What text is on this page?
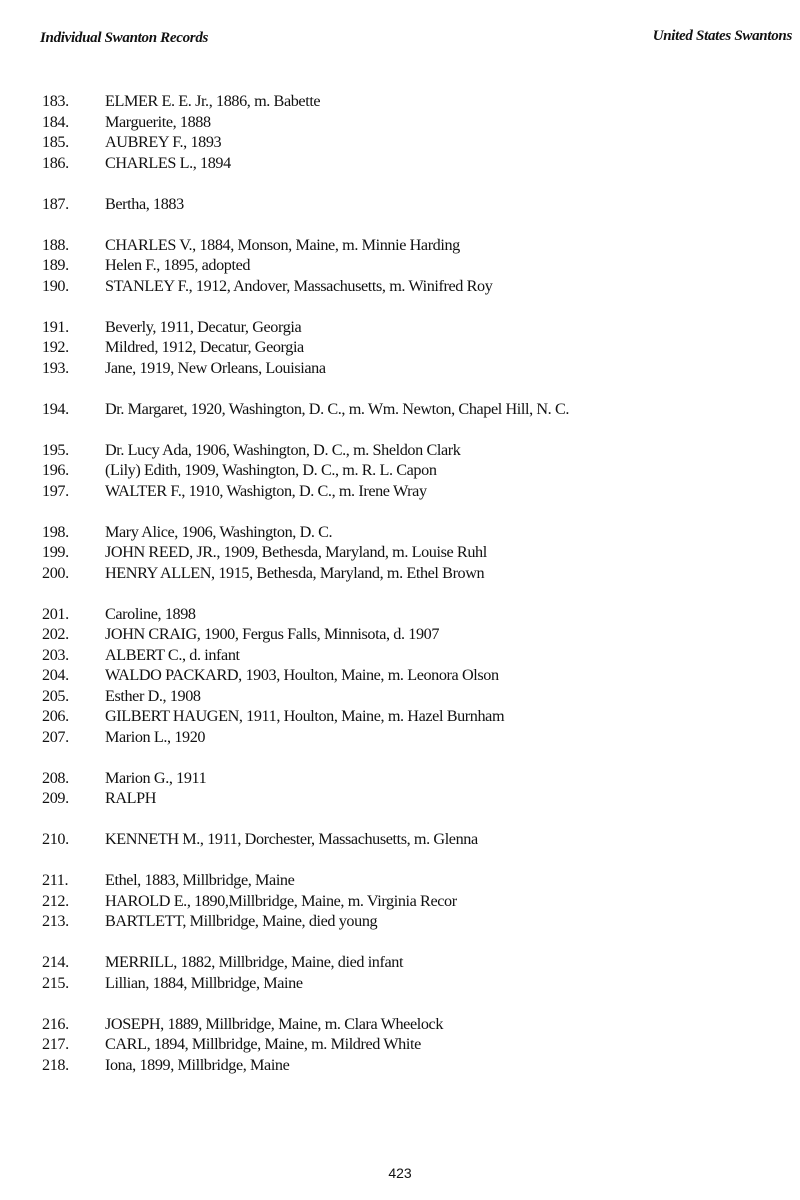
Individual Swanton Records	United States Swantons
183.	ELMER E. E. Jr., 1886, m. Babette
184.	Marguerite, 1888
185.	AUBREY F., 1893
186.	CHARLES L., 1894
187.	Bertha, 1883
188.	CHARLES V., 1884, Monson, Maine, m. Minnie Harding
189.	Helen F., 1895, adopted
190.	STANLEY F., 1912, Andover, Massachusetts, m. Winifred Roy
191.	Beverly, 1911, Decatur, Georgia
192.	Mildred, 1912, Decatur, Georgia
193.	Jane, 1919, New Orleans, Louisiana
194.	Dr. Margaret, 1920, Washington, D. C., m. Wm. Newton, Chapel Hill, N. C.
195.	Dr. Lucy Ada, 1906, Washington, D. C., m. Sheldon Clark
196.	(Lily) Edith, 1909, Washington, D. C., m. R. L. Capon
197.	WALTER F., 1910, Washigton, D. C., m. Irene Wray
198.	Mary Alice, 1906, Washington, D. C.
199.	JOHN REED, JR., 1909, Bethesda, Maryland, m. Louise Ruhl
200.	HENRY ALLEN, 1915, Bethesda, Maryland, m. Ethel Brown
201.	Caroline, 1898
202.	JOHN CRAIG, 1900, Fergus Falls, Minnisota, d. 1907
203.	ALBERT C., d. infant
204.	WALDO PACKARD, 1903, Houlton, Maine, m. Leonora Olson
205.	Esther D., 1908
206.	GILBERT HAUGEN, 1911, Houlton, Maine, m. Hazel Burnham
207.	Marion L., 1920
208.	Marion G., 1911
209.	RALPH
210.	KENNETH M., 1911, Dorchester, Massachusetts, m. Glenna
211.	Ethel, 1883, Millbridge, Maine
212.	HAROLD E., 1890,Millbridge, Maine, m. Virginia Recor
213.	BARTLETT, Millbridge, Maine, died young
214.	MERRILL, 1882, Millbridge, Maine, died infant
215.	Lillian, 1884, Millbridge, Maine
216.	JOSEPH, 1889, Millbridge, Maine, m. Clara Wheelock
217.	CARL, 1894, Millbridge, Maine, m. Mildred White
218.	Iona, 1899, Millbridge, Maine
423
